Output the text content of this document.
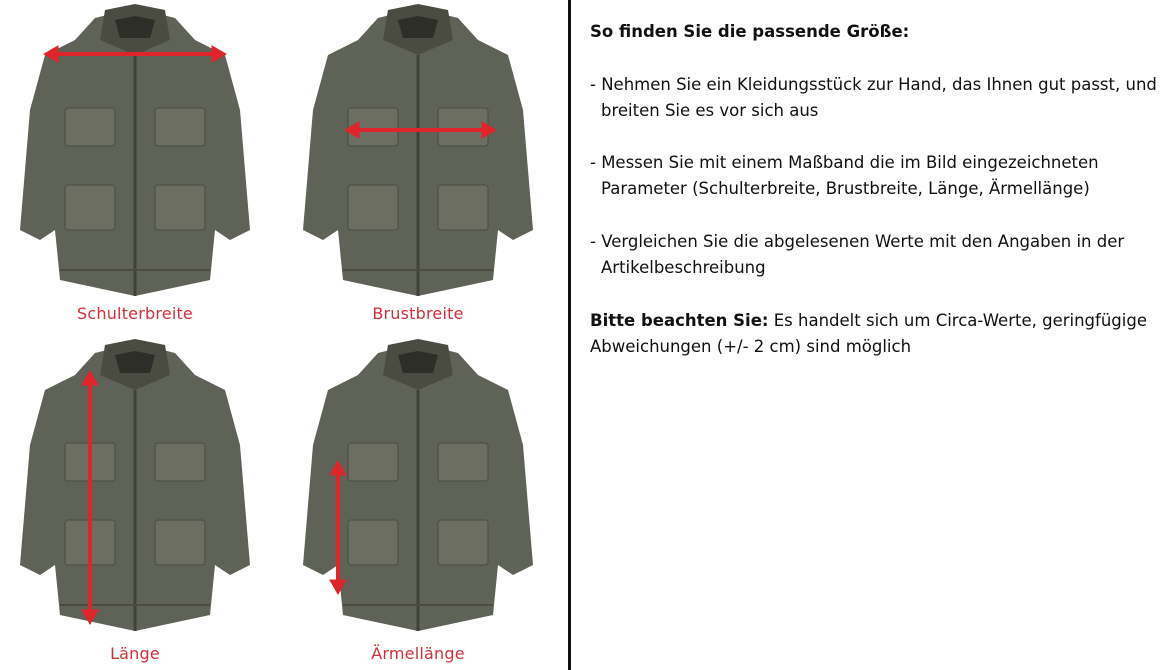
Schulterbreite	Brustbreite
Länge	Ärmellänge
So finden Sie die passende Größe:
- Nehmen Sie ein Kleidungsstück zur Hand, das Ihnen gut passt, und
breiten Sie es vor sich aus
- Messen Sie mit einem Maßband die im Bild eingezeichneten
Parameter (Schulterbreite, Brustbreite, Länge, Ärmellänge)
- Vergleichen Sie die abgelesenen Werte mit den Angaben in der
Artikelbeschreibung
Bitte beachten Sie: Es handelt sich um Circa-Werte, geringfügige
Abweichungen (+/- 2 cm) sind möglich
